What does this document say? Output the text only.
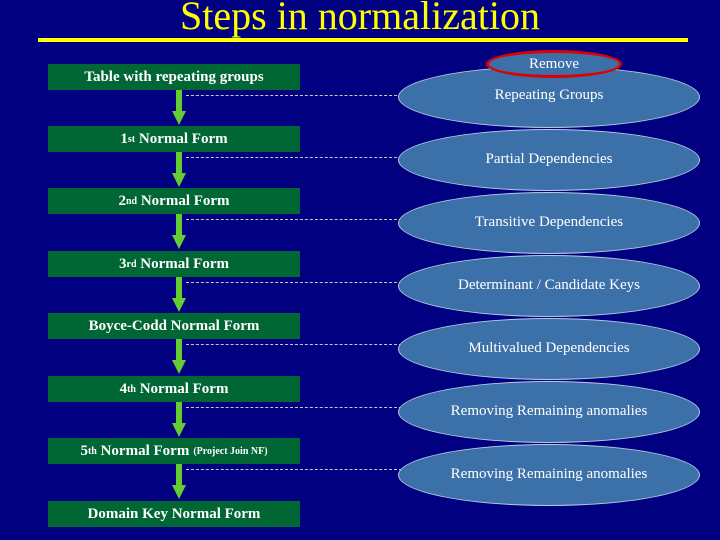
Steps in normalization
Repeating Groups
Partial Dependencies
Transitive Dependencies
Determinant / Candidate Keys
Multivalued Dependencies
Removing Remaining anomalies
Removing Remaining anomalies
Table with repeating groups
1 st Normal Form
2 nd Normal Form
3 rd Normal Form
Boyce-Codd Normal Form
4 th Normal Form
5 th Normal Form (Project Join NF)
Domain Key Normal Form
Remove
